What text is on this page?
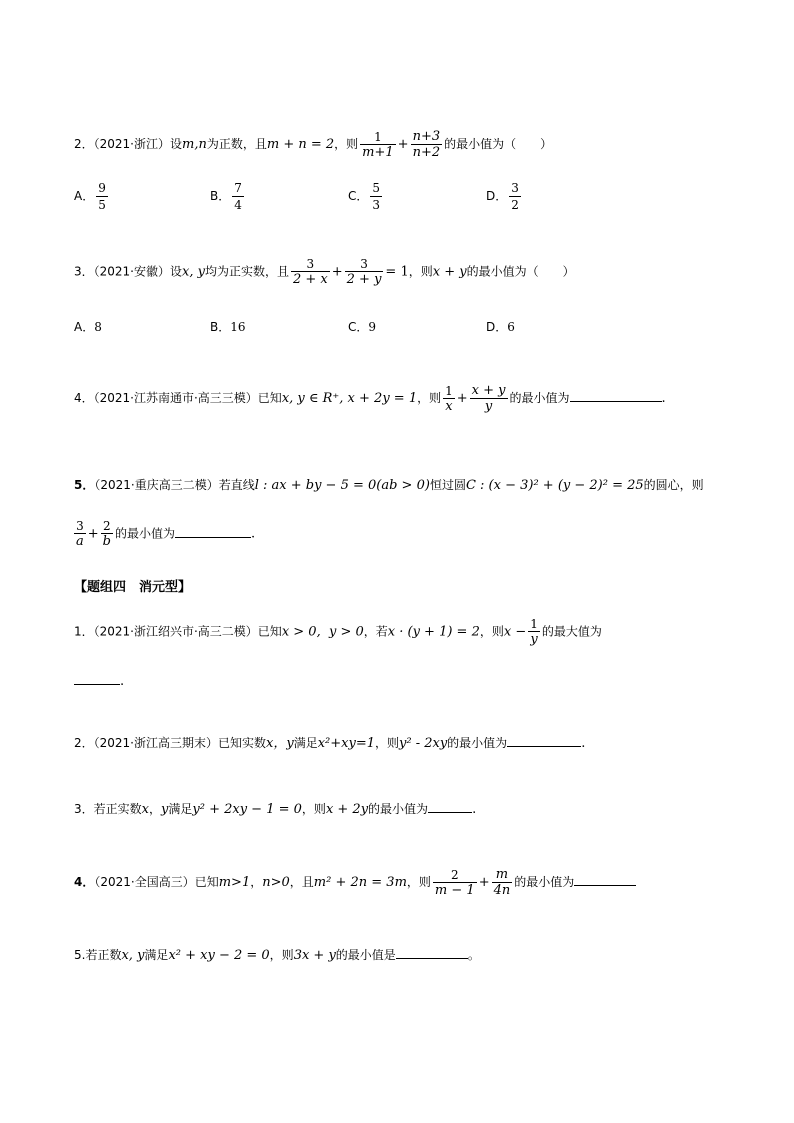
2．（2021·浙江）设m,n为正数，且m + n = 2，则 $\frac{1}{m+1} + \frac{n+3}{n+2}$ 的最小值为（　　）
A． $\frac{9}{5}$	B． $\frac{7}{4}$	C． $\frac{5}{3}$	D． $\frac{3}{2}$
3．（2021·安徽）设x, y均为正实数，且 $\frac{3}{2 + x} + \frac{3}{2 + y} = 1$，则x + y的最小值为（　　）
A．8	B．16	C．9	D．6
4．（2021·江苏南通市·高三三模）已知x, y ∈ R⁺, x + 2y = 1，则 $\frac{1}{x} + \frac{x + y}{y}$ 的最小值为	.
5．（2021·重庆高三二模）若直线l : ax + by − 5 = 0(ab > 0)恒过圆C : (x − 3)² + (y − 2)² = 25的圆心，则
$\frac{3}{a} + \frac{2}{b}$ 的最小值为	.
【题组四　消元型】
1．（2021·浙江绍兴市·高三二模）已知x > 0, y > 0，若x · (y + 1) = 2，则$x - \frac{1}{y}$ 的最大值为
.
2．（2021·浙江高三期末）已知实数x，y满足x²+xy=1，则y² - 2xy的最小值为	.
3．若正实数x，y满足y² + 2xy − 1 = 0，则x + 2y的最小值为	.
4．（2021·全国高三）已知m>1，n>0，且m² + 2n = 3m，则 $\frac{2}{m - 1} + \frac{m}{4n}$ 的最小值为
5.若正数x, y满足x² + xy − 2 = 0，则3x + y的最小值是	。
